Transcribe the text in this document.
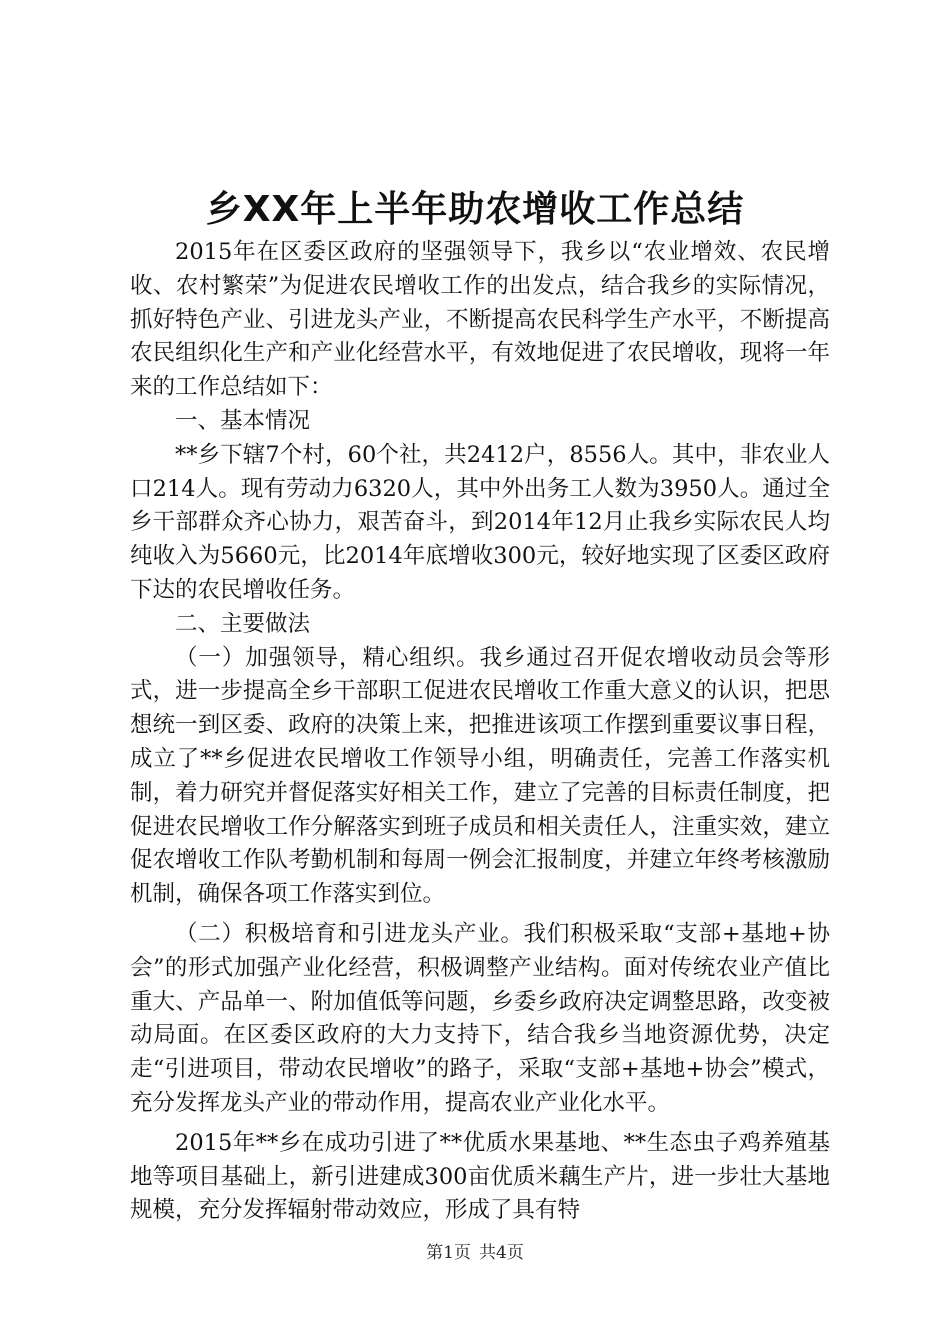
乡XX年上半年助农增收工作总结

2015年在区委区政府的坚强领导下，我乡以“农业增效、农民增收、农村繁荣”为促进农民增收工作的出发点，结合我乡的实际情况，抓好特色产业、引进龙头产业，不断提高农民科学生产水平，不断提高农民组织化生产和产业化经营水平，有效地促进了农民增收，现将一年来的工作总结如下：

一、基本情况

**乡下辖7个村，60个社，共2412户，8556人。其中，非农业人口214人。现有劳动力6320人，其中外出务工人数为3950人。通过全乡干部群众齐心协力，艰苦奋斗，到2014年12月止我乡实际农民人均纯收入为5660元，比2014年底增收300元，较好地实现了区委区政府下达的农民增收任务。

二、主要做法

（一）加强领导，精心组织。我乡通过召开促农增收动员会等形式，进一步提高全乡干部职工促进农民增收工作重大意义的认识，把思想统一到区委、政府的决策上来，把推进该项工作摆到重要议事日程，成立了**乡促进农民增收工作领导小组，明确责任，完善工作落实机制，着力研究并督促落实好相关工作，建立了完善的目标责任制度，把促进农民增收工作分解落实到班子成员和相关责任人，注重实效，建立促农增收工作队考勤机制和每周一例会汇报制度，并建立年终考核激励机制，确保各项工作落实到位。

（二）积极培育和引进龙头产业。我们积极采取“支部+基地+协会”的形式加强产业化经营，积极调整产业结构。面对传统农业产值比重大、产品单一、附加值低等问题，乡委乡政府决定调整思路，改变被动局面。在区委区政府的大力支持下，结合我乡当地资源优势，决定走“引进项目，带动农民增收”的路子，采取“支部+基地+协会”模式，充分发挥龙头产业的带动作用，提高农业产业化水平。

2015年**乡在成功引进了**优质水果基地、**生态虫子鸡养殖基地等项目基础上，新引进建成300亩优质米藕生产片，进一步壮大基地规模，充分发挥辐射带动效应，形成了具有特

第1页 共4页
